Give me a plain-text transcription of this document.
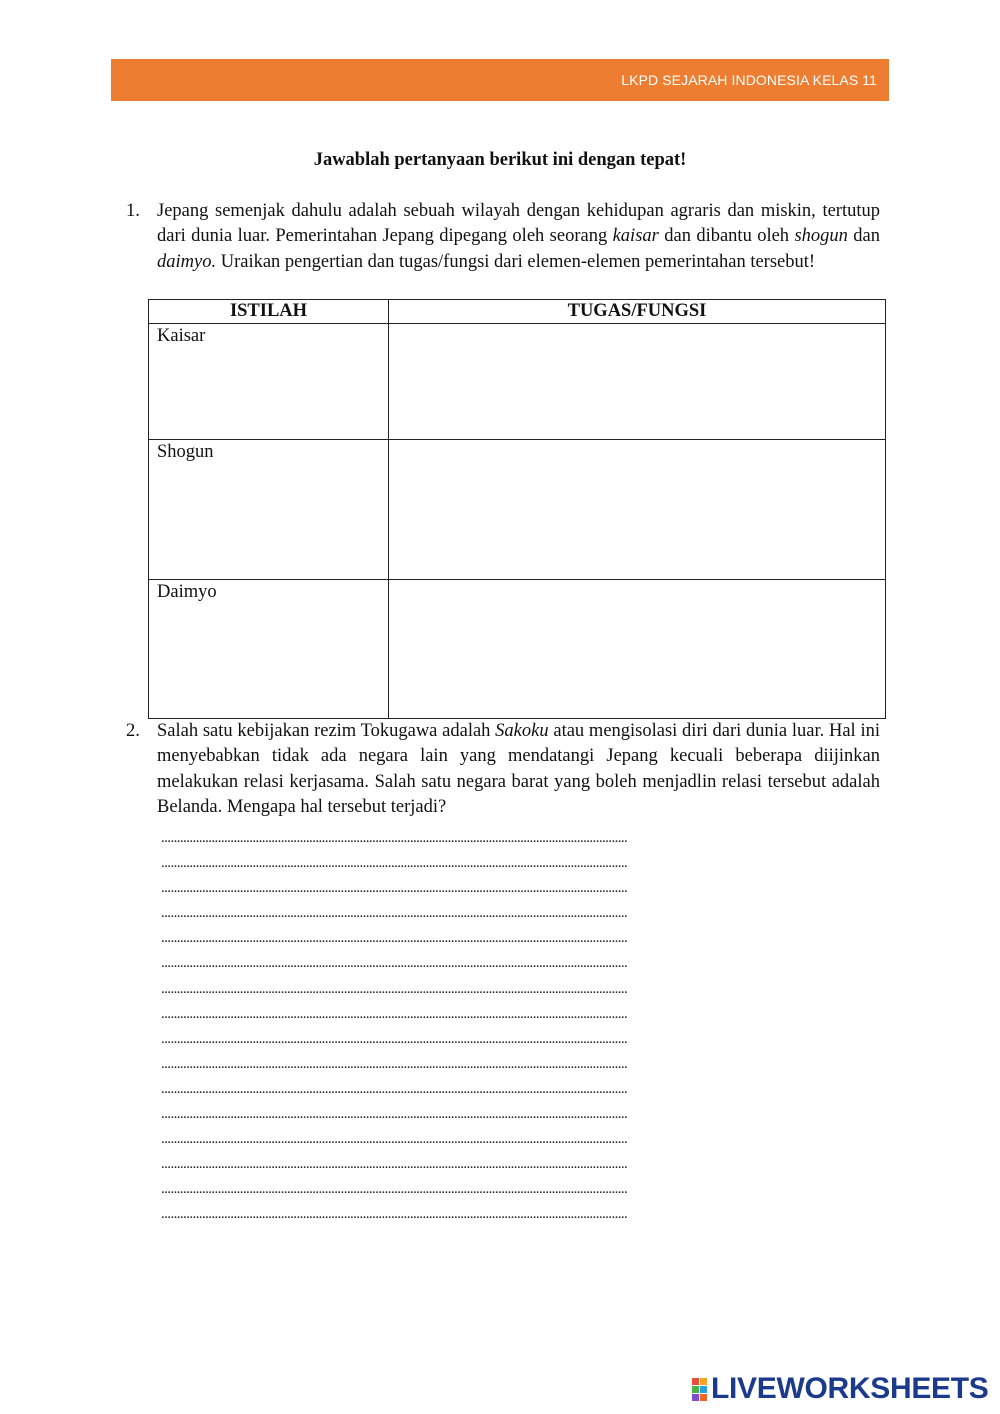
LKPD SEJARAH INDONESIA KELAS 11
Jawablah pertanyaan berikut ini dengan tepat!
1. Jepang semenjak dahulu adalah sebuah wilayah dengan kehidupan agraris dan miskin, tertutup dari dunia luar. Pemerintahan Jepang dipegang oleh seorang kaisar dan dibantu oleh shogun dan daimyo. Uraikan pengertian dan tugas/fungsi dari elemen-elemen pemerintahan tersebut!
ISTILAH	TUGAS/FUNGSI
Kaisar	
Shogun	
Daimyo	
2. Salah satu kebijakan rezim Tokugawa adalah Sakoku atau mengisolasi diri dari dunia luar. Hal ini menyebabkan tidak ada negara lain yang mendatangi Jepang kecuali beberapa diijinkan melakukan relasi kerjasama. Salah satu negara barat yang boleh menjadlin relasi tersebut adalah Belanda. Mengapa hal tersebut terjadi?
....................................................................................................................................................
....................................................................................................................................................
....................................................................................................................................................
....................................................................................................................................................
....................................................................................................................................................
....................................................................................................................................................
....................................................................................................................................................
....................................................................................................................................................
....................................................................................................................................................
....................................................................................................................................................
....................................................................................................................................................
....................................................................................................................................................
....................................................................................................................................................
....................................................................................................................................................
....................................................................................................................................................
....................................................................................................................................................
LIVEWORKSHEETS
